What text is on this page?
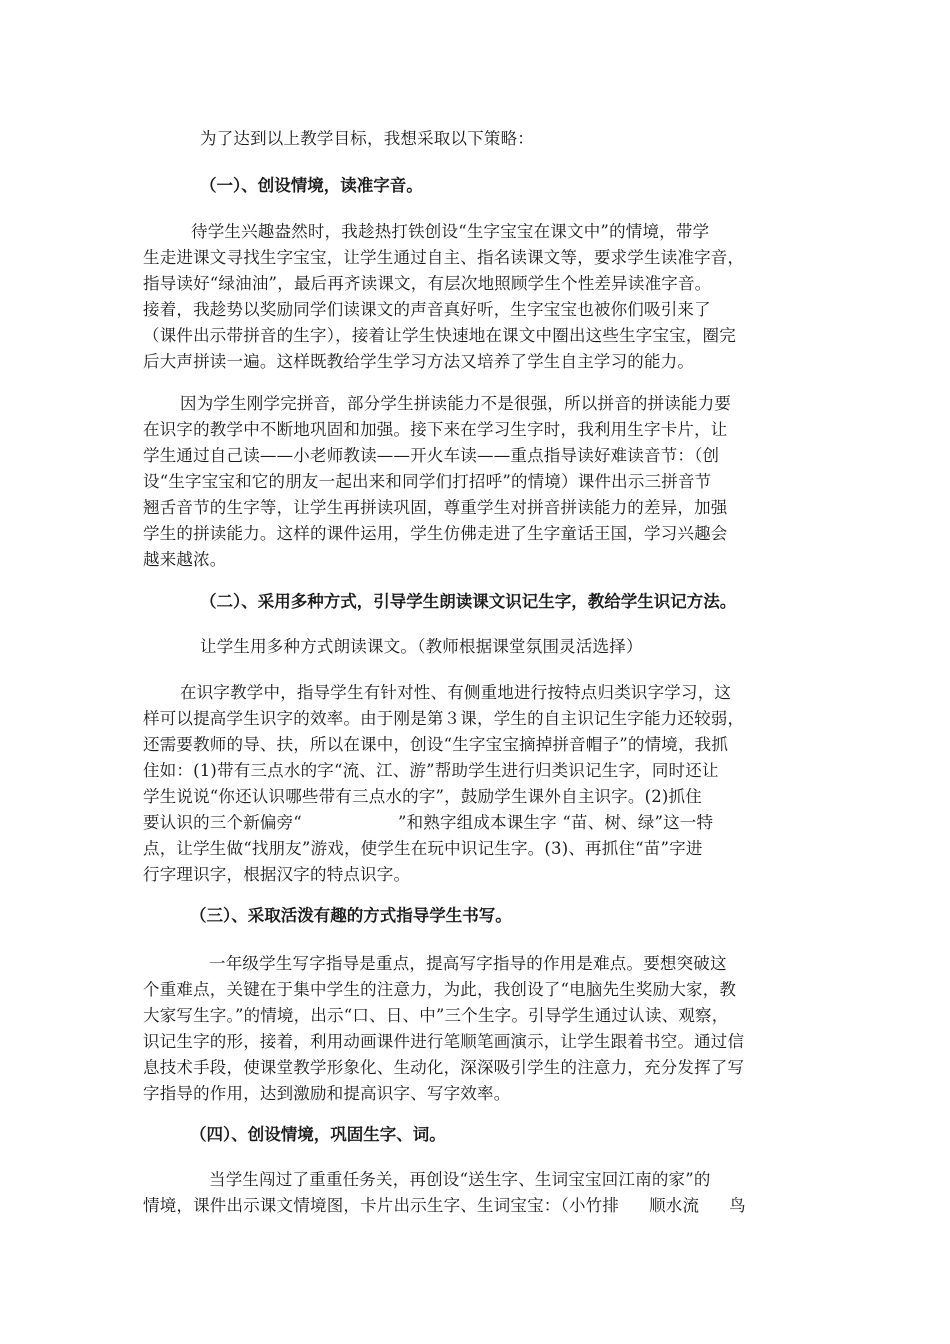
为了达到以上教学目标，我想采取以下策略：

（一）、创设情境，读准字音。

待学生兴趣盎然时，我趁热打铁创设“生字宝宝在课文中”的情境，带学
生走进课文寻找生字宝宝，让学生通过自主、指名读课文等，要求学生读准字音，
指导读好“绿油油”，最后再齐读课文，有层次地照顾学生个性差异读准字音。
接着，我趁势以奖励同学们读课文的声音真好听，生字宝宝也被你们吸引来了
（课件出示带拼音的生字），接着让学生快速地在课文中圈出这些生字宝宝，圈完
后大声拼读一遍。这样既教给学生学习方法又培养了学生自主学习的能力。

因为学生刚学完拼音，部分学生拼读能力不是很强，所以拼音的拼读能力要
在识字的教学中不断地巩固和加强。接下来在学习生字时，我利用生字卡片，让
学生通过自己读——小老师教读——开火车读——重点指导读好难读音节：（创
设“生字宝宝和它的朋友一起出来和同学们打招呼”的情境）课件出示三拼音节
翘舌音节的生字等，让学生再拼读巩固，尊重学生对拼音拼读能力的差异，加强
学生的拼读能力。这样的课件运用，学生仿佛走进了生字童话王国，学习兴趣会
越来越浓。

（二）、采用多种方式，引导学生朗读课文识记生字，教给学生识记方法。

让学生用多种方式朗读课文。（教师根据课堂氛围灵活选择）

在识字教学中，指导学生有针对性、有侧重地进行按特点归类识字学习，这
样可以提高学生识字的效率。由于刚是第３课，学生的自主识记生字能力还较弱，
还需要教师的导、扶，所以在课中，创设“生字宝宝摘掉拼音帽子”的情境，我抓
住如：(1)带有三点水的字“流、江、游”帮助学生进行归类识记生字，同时还让
学生说说“你还认识哪些带有三点水的字”，鼓励学生课外自主识字。(2)抓住
要认识的三个新偏旁“	”和熟字组成本课生字 “苗、树、绿”这一特
点，让学生做“找朋友”游戏，使学生在玩中识记生字。(3)、再抓住“苗”字进
行字理识字，根据汉字的特点识字。

（三）、采取活泼有趣的方式指导学生书写。

一年级学生写字指导是重点，提高写字指导的作用是难点。要想突破这
个重难点，关键在于集中学生的注意力，为此，我创设了“电脑先生奖励大家，教
大家写生字。”的情境，出示“口、日、中”三个生字。引导学生通过认读、观察，
识记生字的形，接着，利用动画课件进行笔顺笔画演示，让学生跟着书空。通过信
息技术手段，使课堂教学形象化、生动化，深深吸引学生的注意力，充分发挥了写
字指导的作用，达到激励和提高识字、写字效率。

（四）、创设情境，巩固生字、词。

当学生闯过了重重任务关，再创设“送生字、生词宝宝回江南的家”的
情境，课件出示课文情境图，卡片出示生字、生词宝宝：（小竹排 顺水流 鸟
